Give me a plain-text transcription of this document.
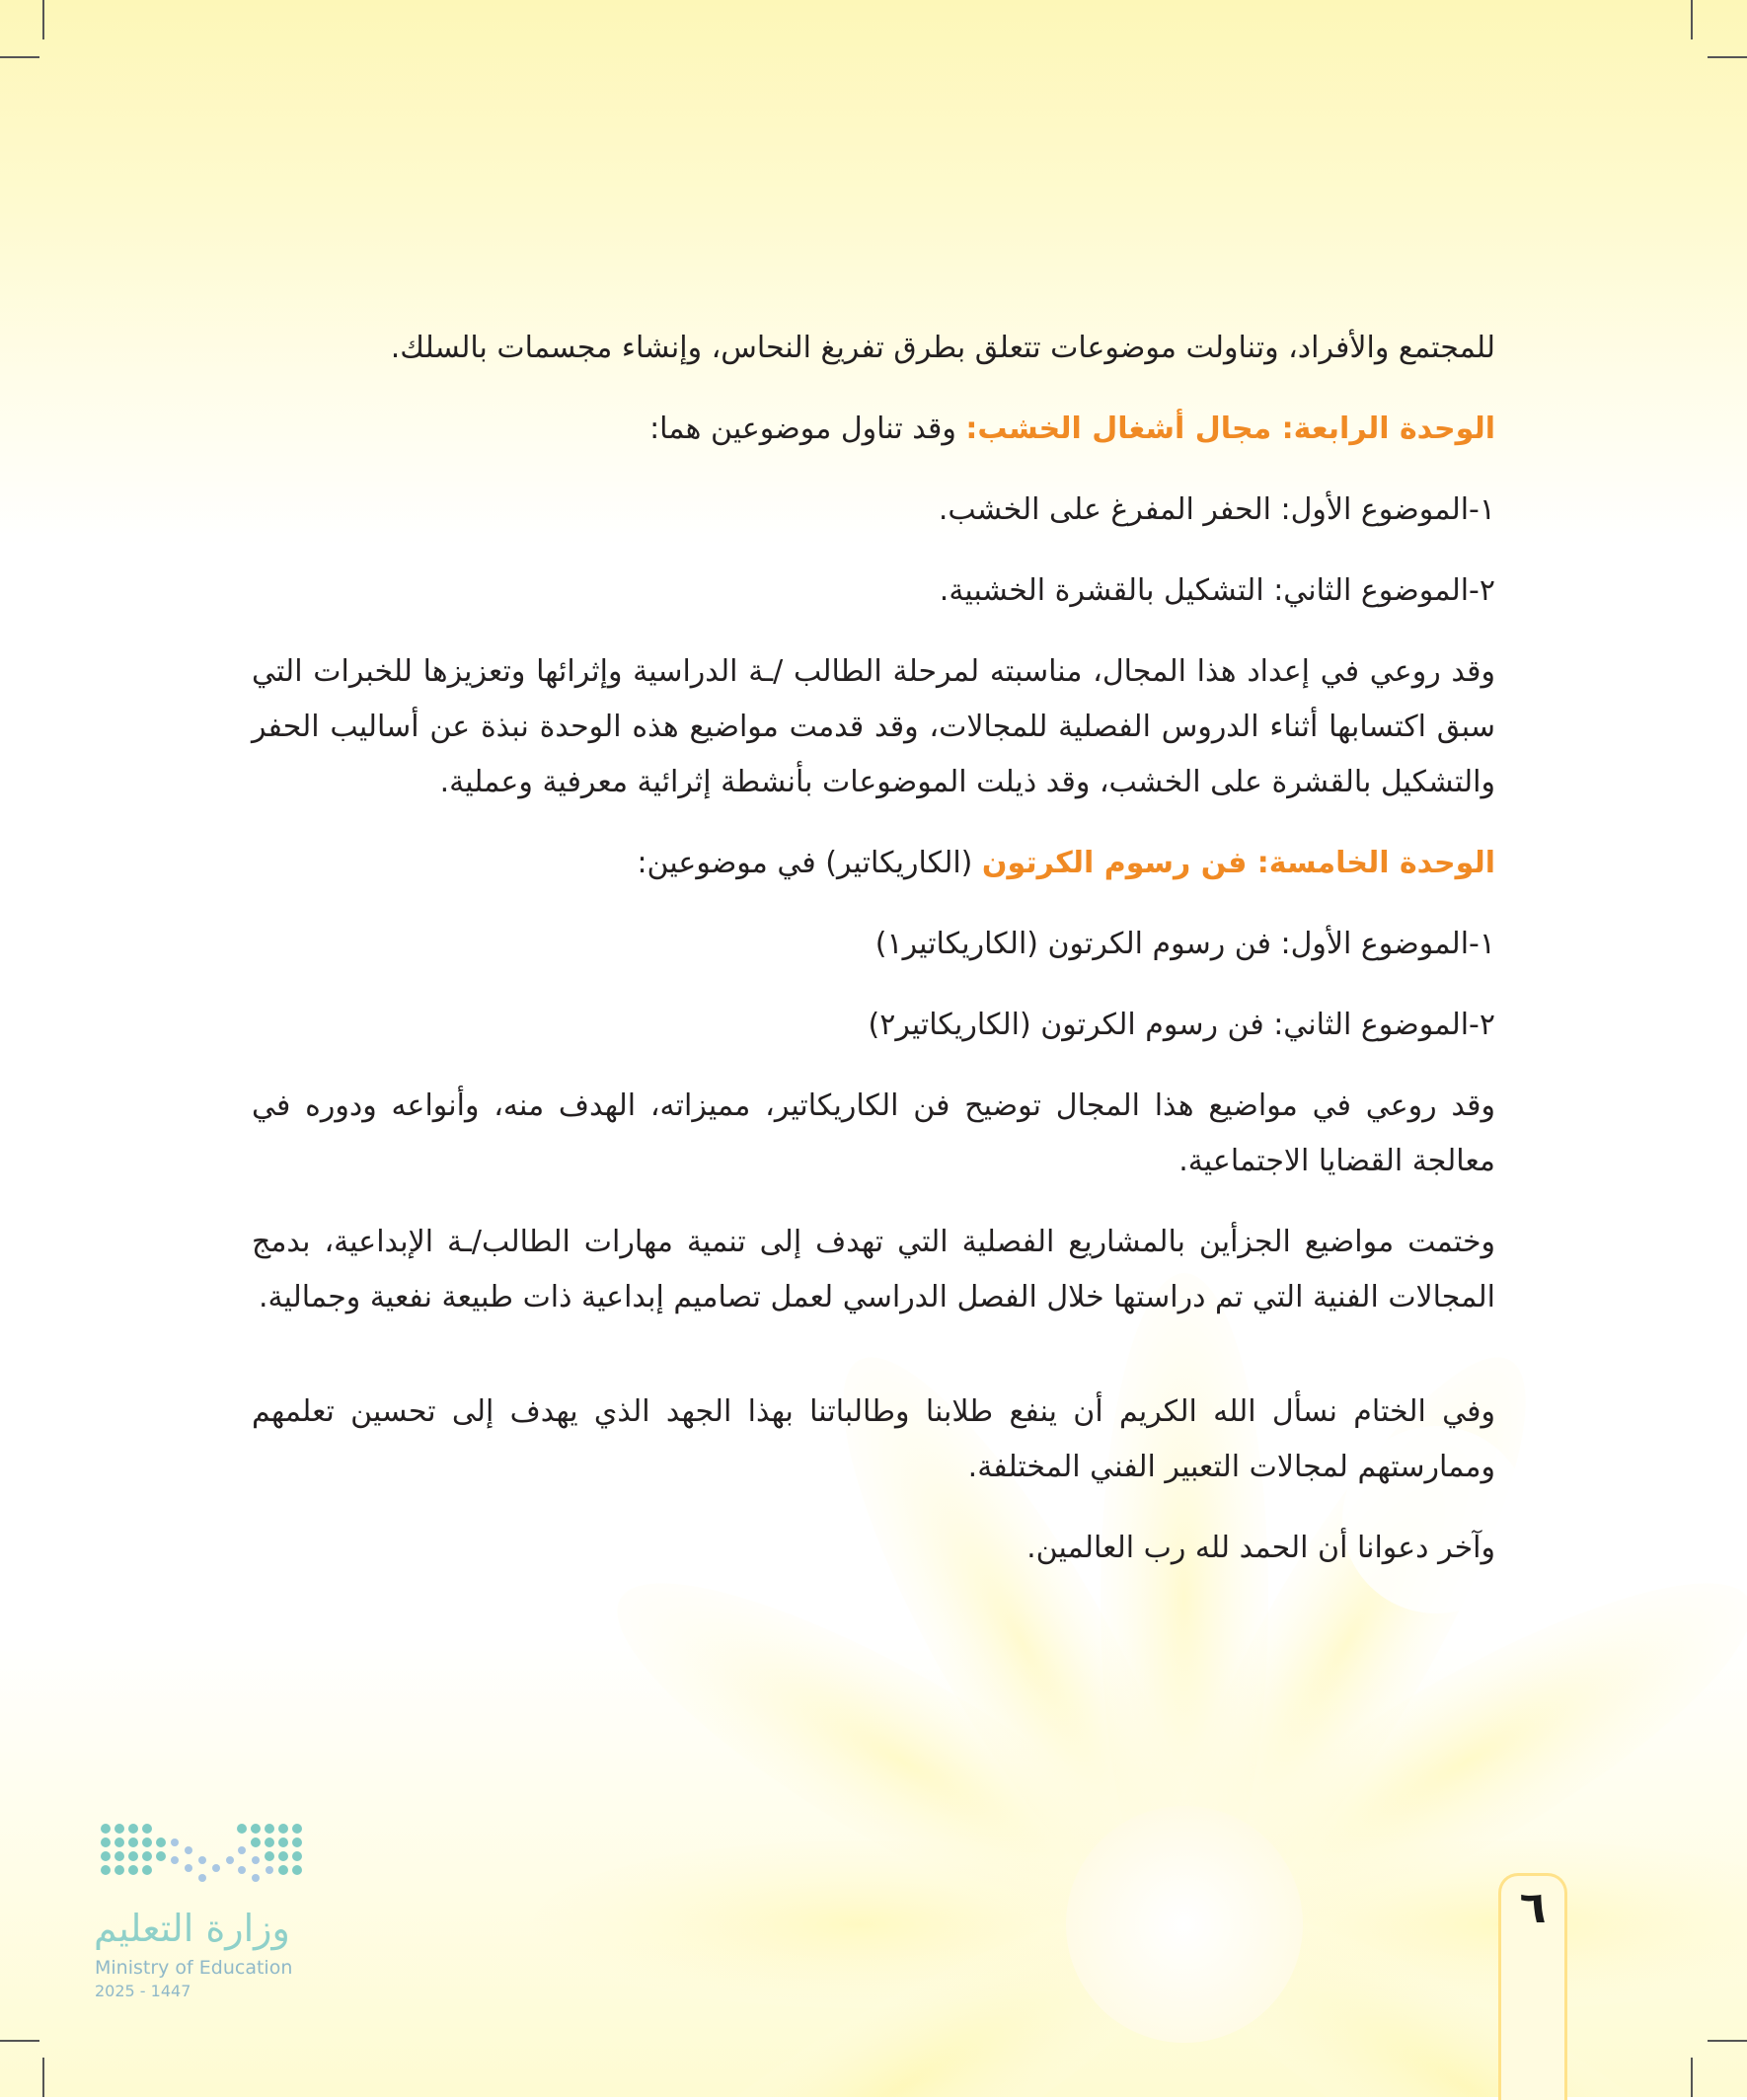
للمجتمع والأفراد، وتناولت موضوعات تتعلق بطرق تفريغ النحاس، وإنشاء مجسمات بالسلك.

الوحدة الرابعة: مجال أشغال الخشب: وقد تناول موضوعين هما:

١-الموضوع الأول: الحفر المفرغ على الخشب.

٢-الموضوع الثاني: التشكيل بالقشرة الخشبية.

وقد روعي في إعداد هذا المجال، مناسبته لمرحلة الطالب /ـة الدراسية وإثرائها وتعزيزها للخبرات التي سبق اكتسابها أثناء الدروس الفصلية للمجالات، وقد قدمت مواضيع هذه الوحدة نبذة عن أساليب الحفر والتشكيل بالقشرة على الخشب، وقد ذيلت الموضوعات بأنشطة إثرائية معرفية وعملية.

الوحدة الخامسة: فن رسوم الكرتون (الكاريكاتير) في موضوعين:

١-الموضوع الأول: فن رسوم الكرتون (الكاريكاتير١)

٢-الموضوع الثاني: فن رسوم الكرتون (الكاريكاتير٢)

وقد روعي في مواضيع هذا المجال توضيح فن الكاريكاتير، مميزاته، الهدف منه، وأنواعه ودوره في معالجة القضايا الاجتماعية.

وختمت مواضيع الجزأين بالمشاريع الفصلية التي تهدف إلى تنمية مهارات الطالب/ـة الإبداعية، بدمج المجالات الفنية التي تم دراستها خلال الفصل الدراسي لعمل تصاميم إبداعية ذات طبيعة نفعية وجمالية.

وفي الختام نسأل الله الكريم أن ينفع طلابنا وطالباتنا بهذا الجهد الذي يهدف إلى تحسين تعلمهم وممارستهم لمجالات التعبير الفني المختلفة.

وآخر دعوانا أن الحمد لله رب العالمين.

وزارة التعليم
Ministry of Education
2025 - 1447
٦
